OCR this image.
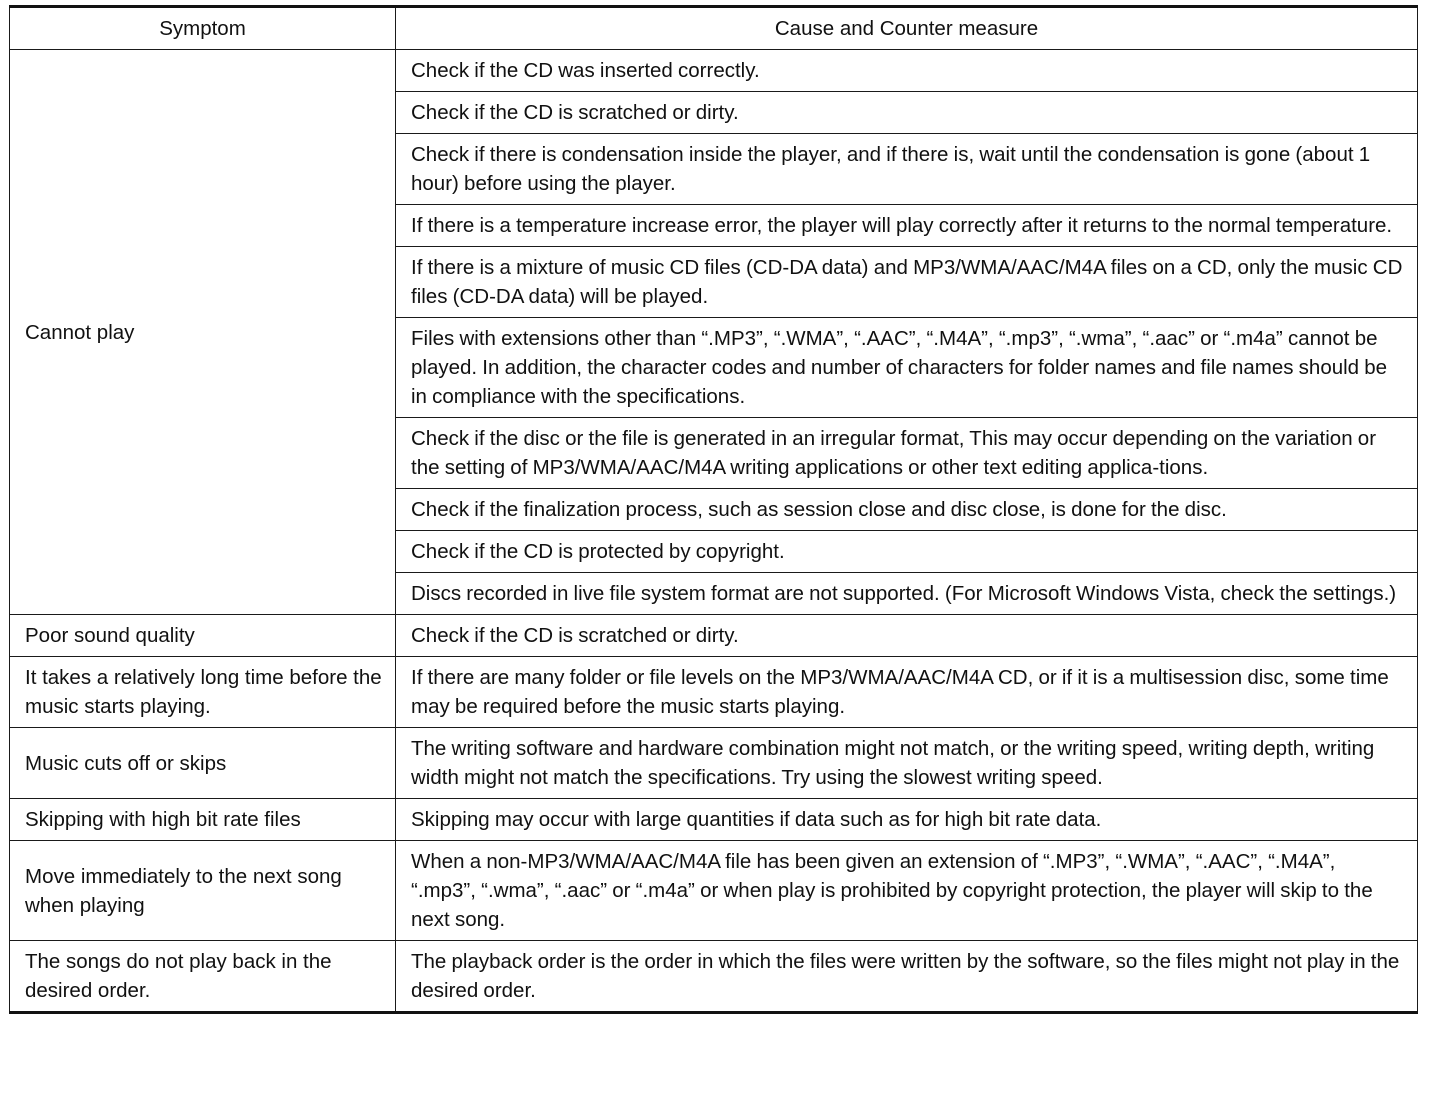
Symptom	Cause and Counter measure
Cannot play	Check if the CD was inserted correctly.
	Check if the CD is scratched or dirty.
	Check if there is condensation inside the player, and if there is, wait until the condensation is gone (about 1 hour) before using the player.
	If there is a temperature increase error, the player will play correctly after it returns to the normal temperature.
	If there is a mixture of music CD files (CD-DA data) and MP3/WMA/AAC/M4A files on a CD, only the music CD files (CD-DA data) will be played.
	Files with extensions other than “.MP3”, “.WMA”, “.AAC”, “.M4A”, “.mp3”, “.wma”, “.aac” or “.m4a” cannot be played. In addition, the character codes and number of characters for folder names and file names should be in compliance with the specifications.
	Check if the disc or the file is generated in an irregular format, This may occur depending on the variation or the setting of MP3/WMA/AAC/M4A writing applications or other text editing applica-tions.
	Check if the finalization process, such as session close and disc close, is done for the disc.
	Check if the CD is protected by copyright.
	Discs recorded in live file system format are not supported. (For Microsoft Windows Vista, check the settings.)
Poor sound quality	Check if the CD is scratched or dirty.
It takes a relatively long time before the music starts playing.	If there are many folder or file levels on the MP3/WMA/AAC/M4A CD, or if it is a multisession disc, some time may be required before the music starts playing.
Music cuts off or skips	The writing software and hardware combination might not match, or the writing speed, writing depth, writing width might not match the specifications. Try using the slowest writing speed.
Skipping with high bit rate files	Skipping may occur with large quantities if data such as for high bit rate data.
Move immediately to the next song when playing	When a non-MP3/WMA/AAC/M4A file has been given an extension of “.MP3”, “.WMA”, “.AAC”, “.M4A”, “.mp3”, “.wma”, “.aac” or “.m4a” or when play is prohibited by copyright protection, the player will skip to the next song.
The songs do not play back in the desired order.	The playback order is the order in which the files were written by the software, so the files might not play in the desired order.
